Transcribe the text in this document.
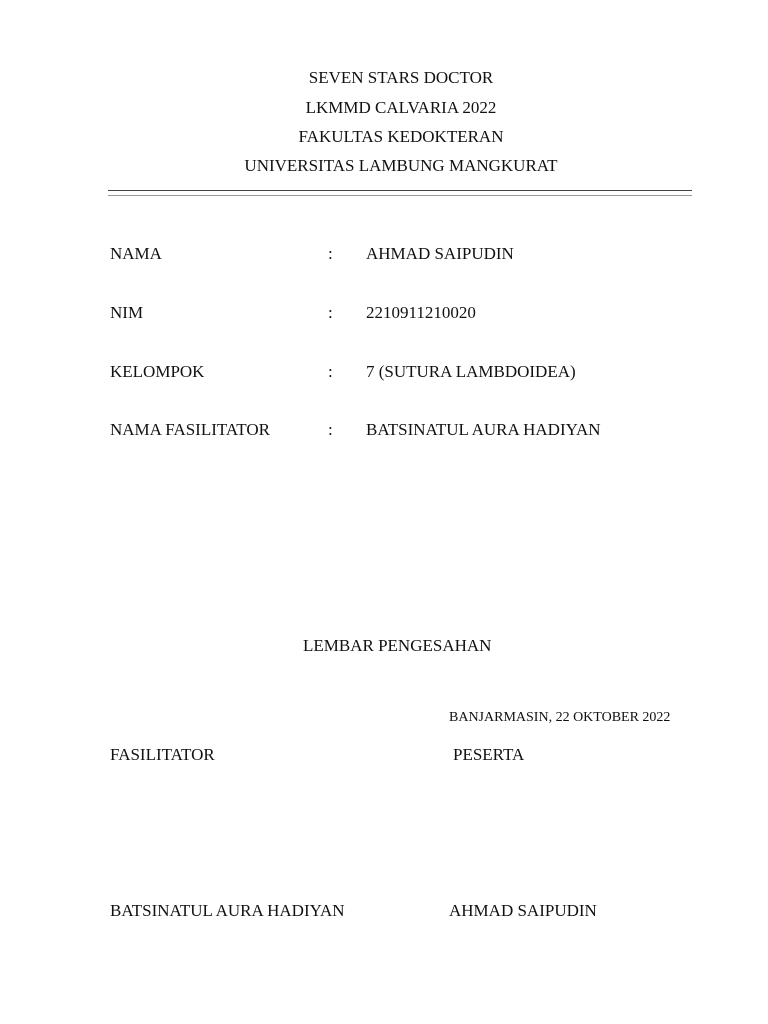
SEVEN STARS DOCTOR
LKMMD CALVARIA 2022
FAKULTAS KEDOKTERAN
UNIVERSITAS LAMBUNG MANGKURAT
NAMA	: AHMAD SAIPUDIN
NIM	: 2210911210020
KELOMPOK	: 7 (SUTURA LAMBDOIDEA)
NAMA FASILITATOR	: BATSINATUL AURA HADIYAN
LEMBAR PENGESAHAN
BANJARMASIN, 22 OKTOBER 2022
FASILITATOR	PESERTA
BATSINATUL AURA HADIYAN	AHMAD SAIPUDIN
